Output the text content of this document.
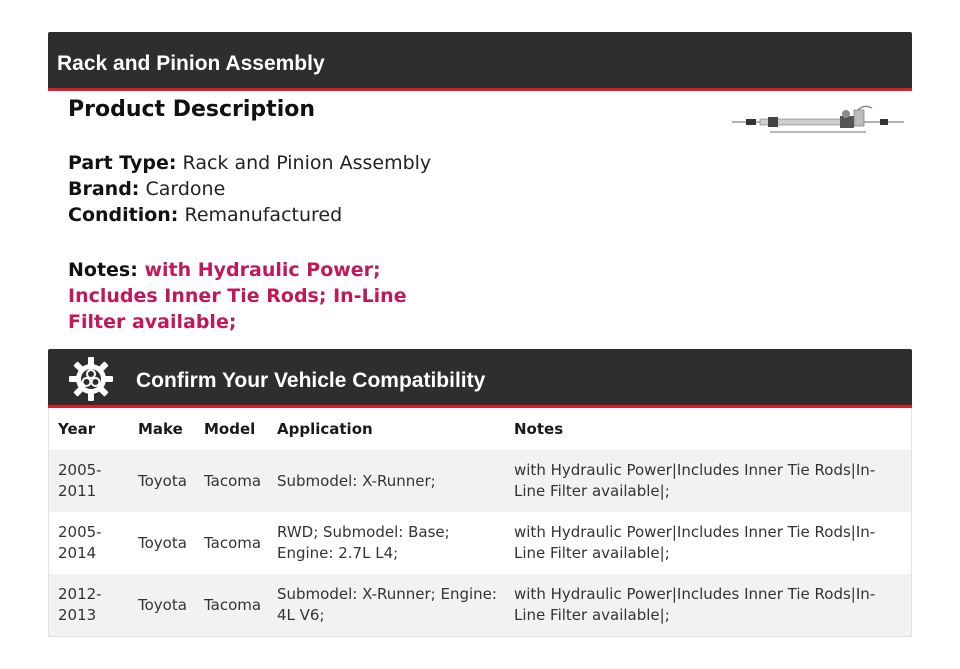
Rack and Pinion Assembly
Product Description
Part Type: Rack and Pinion Assembly
Brand: Cardone
Condition: Remanufactured
Notes: with Hydraulic Power; Includes Inner Tie Rods; In-Line Filter available;
Confirm Your Vehicle Compatibility
Year	Make	Model	Application	Notes
2005-2011	Toyota	Tacoma	Submodel: X-Runner;	with Hydraulic Power|Includes Inner Tie Rods|In-Line Filter available|;
2005-2014	Toyota	Tacoma	RWD; Submodel: Base; Engine: 2.7L L4;	with Hydraulic Power|Includes Inner Tie Rods|In-Line Filter available|;
2012-2013	Toyota	Tacoma	Submodel: X-Runner; Engine: 4L V6;	with Hydraulic Power|Includes Inner Tie Rods|In-Line Filter available|;
